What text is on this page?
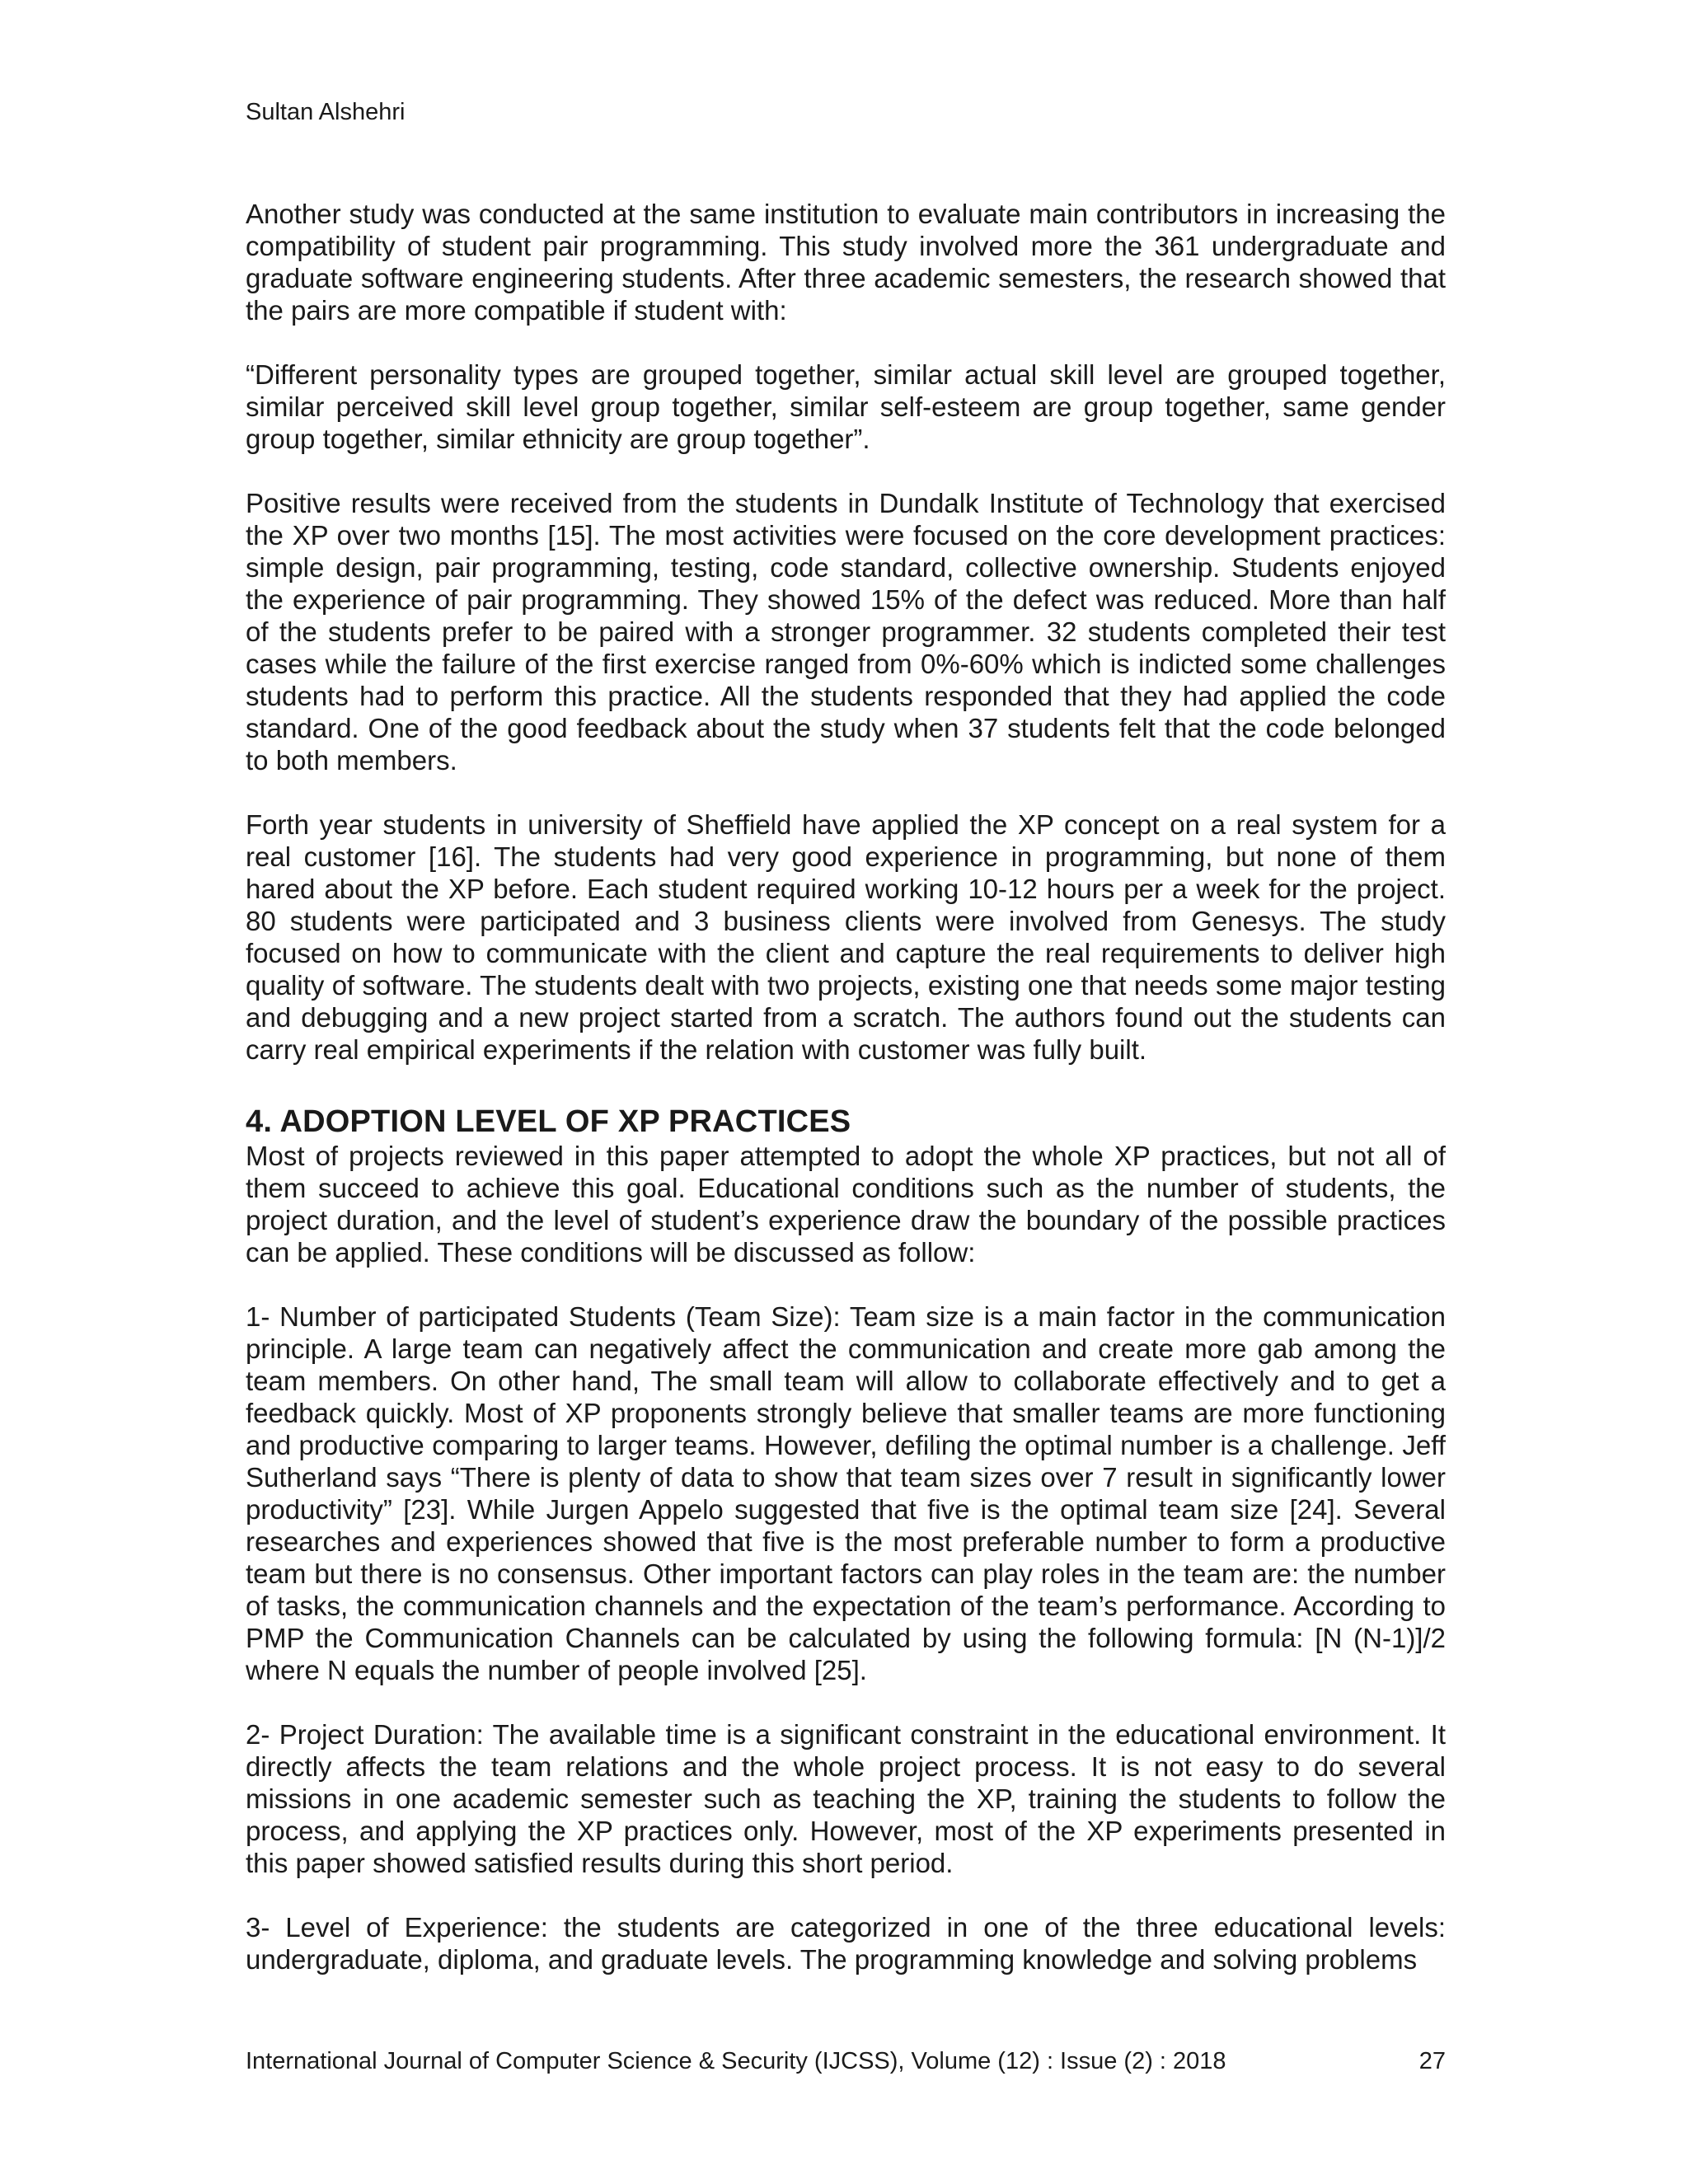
Sultan Alshehri

Another study was conducted at the same institution to evaluate main contributors in increasing the compatibility of student pair programming. This study involved more the 361 undergraduate and graduate software engineering students. After three academic semesters, the research showed that the pairs are more compatible if student with:

“Different personality types are grouped together, similar actual skill level are grouped together, similar perceived skill level group together, similar self-esteem are group together, same gender group together, similar ethnicity are group together”.

Positive results were received from the students in Dundalk Institute of Technology that exercised the XP over two months [15]. The most activities were focused on the core development practices: simple design, pair programming, testing, code standard, collective ownership. Students enjoyed the experience of pair programming. They showed 15% of the defect was reduced. More than half of the students prefer to be paired with a stronger programmer. 32 students completed their test cases while the failure of the first exercise ranged from 0%-60% which is indicted some challenges students had to perform this practice. All the students responded that they had applied the code standard. One of the good feedback about the study when 37 students felt that the code belonged to both members.

Forth year students in university of Sheffield have applied the XP concept on a real system for a real customer [16]. The students had very good experience in programming, but none of them hared about the XP before. Each student required working 10-12 hours per a week for the project. 80 students were participated and 3 business clients were involved from Genesys. The study focused on how to communicate with the client and capture the real requirements to deliver high quality of software. The students dealt with two projects, existing one that needs some major testing and debugging and a new project started from a scratch. The authors found out the students can carry real empirical experiments if the relation with customer was fully built.

4. ADOPTION LEVEL OF XP PRACTICES

Most of projects reviewed in this paper attempted to adopt the whole XP practices, but not all of them succeed to achieve this goal. Educational conditions such as the number of students, the project duration, and the level of student’s experience draw the boundary of the possible practices can be applied. These conditions will be discussed as follow:

1- Number of participated Students (Team Size): Team size is a main factor in the communication principle. A large team can negatively affect the communication and create more gab among the team members. On other hand, The small team will allow to collaborate effectively and to get a feedback quickly. Most of XP proponents strongly believe that smaller teams are more functioning and productive comparing to larger teams. However, defiling the optimal number is a challenge. Jeff Sutherland says “There is plenty of data to show that team sizes over 7 result in significantly lower productivity” [23]. While Jurgen Appelo suggested that five is the optimal team size [24]. Several researches and experiences showed that five is the most preferable number to form a productive team but there is no consensus. Other important factors can play roles in the team are: the number of tasks, the communication channels and the expectation of the team’s performance. According to PMP the Communication Channels can be calculated by using the following formula: [N (N-1)]/2 where N equals the number of people involved [25].

2- Project Duration: The available time is a significant constraint in the educational environment. It directly affects the team relations and the whole project process. It is not easy to do several missions in one academic semester such as teaching the XP, training the students to follow the process, and applying the XP practices only. However, most of the XP experiments presented in this paper showed satisfied results during this short period.

3- Level of Experience: the students are categorized in one of the three educational levels: undergraduate, diploma, and graduate levels. The programming knowledge and solving problems

International Journal of Computer Science & Security (IJCSS), Volume (12) : Issue (2) : 2018	27
